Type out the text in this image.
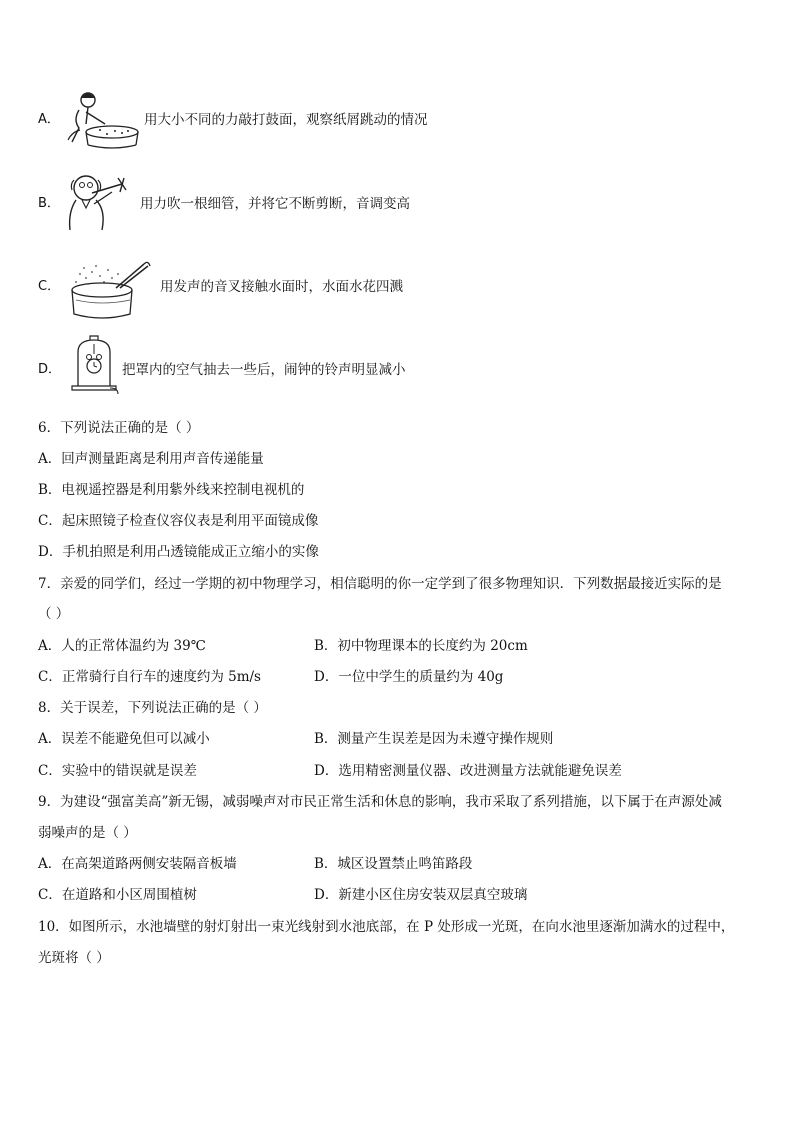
A．	用大小不同的力敲打鼓面，观察纸屑跳动的情况
B．	用力吹一根细管，并将它不断剪断，音调变高
C．	用发声的音叉接触水面时，水面水花四溅
D．	把罩内的空气抽去一些后，闹钟的铃声明显减小
6．下列说法正确的是（ ）
A．回声测量距离是利用声音传递能量
B．电视遥控器是利用紫外线来控制电视机的
C．起床照镜子检查仪容仪表是利用平面镜成像
D．手机拍照是利用凸透镜能成正立缩小的实像
7．亲爱的同学们，经过一学期的初中物理学习，相信聪明的你一定学到了很多物理知识．下列数据最接近实际的是
（ ）
A．人的正常体温约为 39℃	B．初中物理课本的长度约为 20cm
C．正常骑行自行车的速度约为 5m/s	D．一位中学生的质量约为 40g
8．关于误差，下列说法正确的是（ ）
A．误差不能避免但可以减小	B．测量产生误差是因为未遵守操作规则
C．实验中的错误就是误差	D．选用精密测量仪器、改进测量方法就能避免误差
9．为建设“强富美高”新无锡，减弱噪声对市民正常生活和休息的影响，我市采取了系列措施，以下属于在声源处减
弱噪声的是（ ）
A．在高架道路两侧安装隔音板墙	B．城区设置禁止鸣笛路段
C．在道路和小区周围植树	D．新建小区住房安装双层真空玻璃
10．如图所示，水池墙壁的射灯射出一束光线射到水池底部，在 P 处形成一光斑，在向水池里逐渐加满水的过程中，
光斑将（ ）
